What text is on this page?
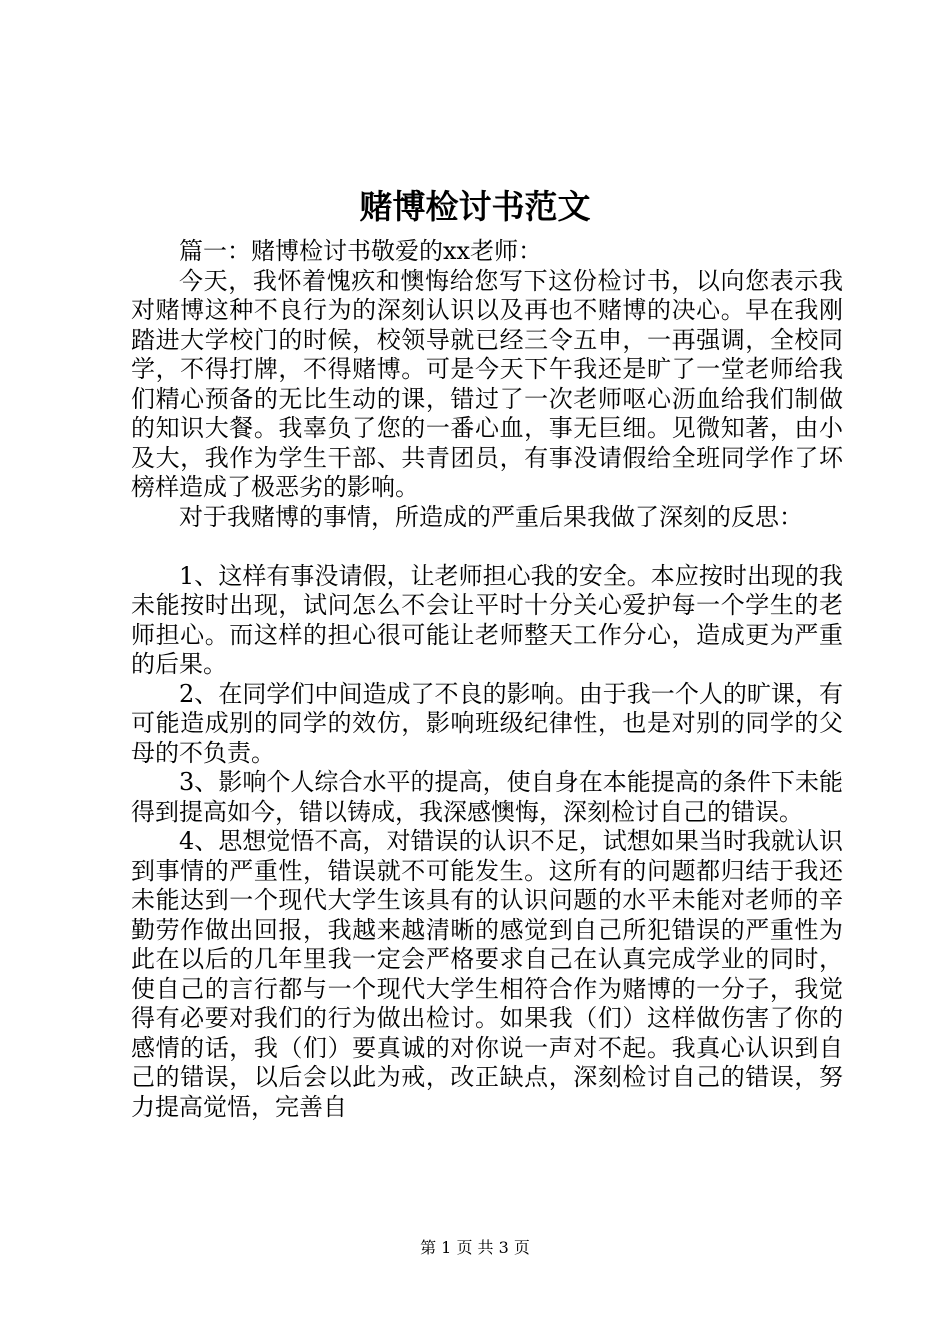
赌博检讨书范文

篇一：赌博检讨书敬爱的xx老师：

今天，我怀着愧疚和懊悔给您写下这份检讨书，以向您表示我对赌博这种不良行为的深刻认识以及再也不赌博的决心。早在我刚踏进大学校门的时候，校领导就已经三令五申，一再强调，全校同学，不得打牌，不得赌博。可是今天下午我还是旷了一堂老师给我们精心预备的无比生动的课，错过了一次老师呕心沥血给我们制做的知识大餐。我辜负了您的一番心血，事无巨细。见微知著，由小及大，我作为学生干部、共青团员，有事没请假给全班同学作了坏榜样造成了极恶劣的影响。

对于我赌博的事情，所造成的严重后果我做了深刻的反思：

1、这样有事没请假，让老师担心我的安全。本应按时出现的我未能按时出现，试问怎么不会让平时十分关心爱护每一个学生的老师担心。而这样的担心很可能让老师整天工作分心，造成更为严重的后果。

2、在同学们中间造成了不良的影响。由于我一个人的旷课，有可能造成别的同学的效仿，影响班级纪律性，也是对别的同学的父母的不负责。

3、影响个人综合水平的提高，使自身在本能提高的条件下未能得到提高如今，错以铸成，我深感懊悔，深刻检讨自己的错误。

4、思想觉悟不高，对错误的认识不足，试想如果当时我就认识到事情的严重性，错误就不可能发生。这所有的问题都归结于我还未能达到一个现代大学生该具有的认识问题的水平未能对老师的辛勤劳作做出回报，我越来越清晰的感觉到自己所犯错误的严重性为此在以后的几年里我一定会严格要求自己在认真完成学业的同时，使自己的言行都与一个现代大学生相符合作为赌博的一分子，我觉得有必要对我们的行为做出检讨。如果我（们）这样做伤害了你的感情的话，我（们）要真诚的对你说一声对不起。我真心认识到自己的错误，以后会以此为戒，改正缺点，深刻检讨自己的错误，努力提高觉悟，完善自

第 1 页 共 3 页
